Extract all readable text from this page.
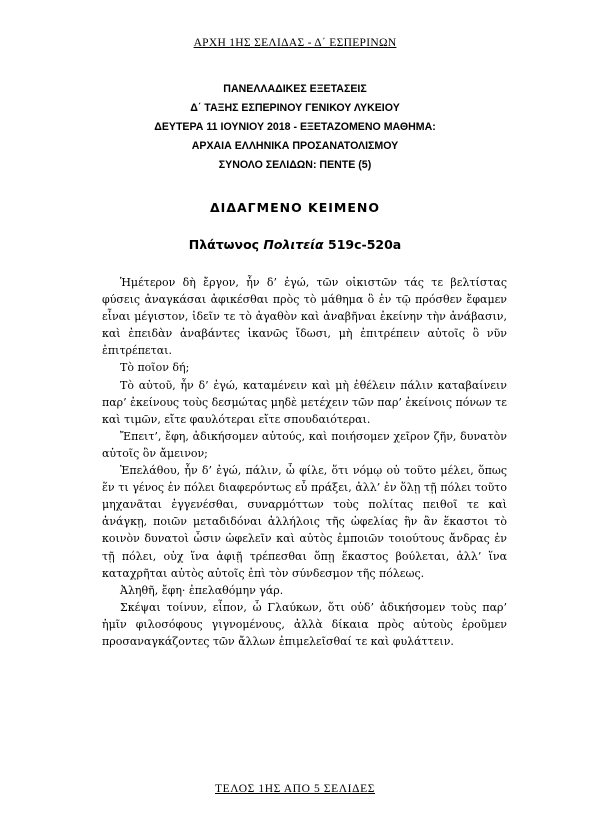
ΑΡΧΗ 1ΗΣ ΣΕΛΙΔΑΣ - Δ΄ ΕΣΠΕΡΙΝΩΝ
ΠΑΝΕΛΛΑΔΙΚΕΣ ΕΞΕΤΑΣΕΙΣ
Δ΄ ΤΑΞΗΣ ΕΣΠΕΡΙΝΟΥ ΓΕΝΙΚΟΥ ΛΥΚΕΙΟΥ
ΔΕΥΤΕΡΑ 11 ΙΟΥΝΙΟΥ 2018 - ΕΞΕΤΑΖΟΜΕΝΟ ΜΑΘΗΜΑ:
ΑΡΧΑΙΑ ΕΛΛΗΝΙΚΑ ΠΡΟΣΑΝΑΤΟΛΙΣΜΟΥ
ΣΥΝΟΛΟ ΣΕΛΙΔΩΝ: ΠΕΝΤΕ (5)
ΔΙΔΑΓΜΕΝΟ ΚΕΙΜΕΝΟ
Πλάτωνος Πολιτεία 519c-520a

Ἡμέτερον δὴ ἔργον, ἦν δ’ ἐγώ, τῶν οἰκιστῶν τάς τε βελτίστας φύσεις ἀναγκάσαι ἀφικέσθαι πρὸς τὸ μάθημα ὃ ἐν τῷ πρόσθεν ἔφαμεν εἶναι μέγιστον, ἰδεῖν τε τὸ ἀγαθὸν καὶ ἀναβῆναι ἐκείνην τὴν ἀνάβασιν, καὶ ἐπειδὰν ἀναβάντες ἱκανῶς ἴδωσι, μὴ ἐπιτρέπειν αὐτοῖς ὃ νῦν ἐπιτρέπεται.

Τὸ ποῖον δή;

Τὸ αὐτοῦ, ἦν δ’ ἐγώ, καταμένειν καὶ μὴ ἐθέλειν πάλιν καταβαίνειν παρ’ ἐκείνους τοὺς δεσμώτας μηδὲ μετέχειν τῶν παρ’ ἐκείνοις πόνων τε καὶ τιμῶν, εἴτε φαυλότεραι εἴτε σπουδαιότεραι.

Ἔπειτ’, ἔφη, ἀδικήσομεν αὐτούς, καὶ ποιήσομεν χεῖρον ζῆν, δυνατὸν αὐτοῖς ὂν ἄμεινον;

Ἐπελάθου, ἦν δ’ ἐγώ, πάλιν, ὦ φίλε, ὅτι νόμῳ οὐ τοῦτο μέλει, ὅπως ἕν τι γένος ἐν πόλει διαφερόντως εὖ πράξει, ἀλλ’ ἐν ὅλῃ τῇ πόλει τοῦτο μηχανᾶται ἐγγενέσθαι, συναρμόττων τοὺς πολίτας πειθοῖ τε καὶ ἀνάγκῃ, ποιῶν μεταδιδόναι ἀλλήλοις τῆς ὠφελίας ἣν ἂν ἕκαστοι τὸ κοινὸν δυνατοὶ ὦσιν ὠφελεῖν καὶ αὐτὸς ἐμποιῶν τοιούτους ἄνδρας ἐν τῇ πόλει, οὐχ ἵνα ἀφιῇ τρέπεσθαι ὅπῃ ἕκαστος βούλεται, ἀλλ’ ἵνα καταχρῆται αὐτὸς αὐτοῖς ἐπὶ τὸν σύνδεσμον τῆς πόλεως.

Ἀληθῆ, ἔφη· ἐπελαθόμην γάρ.

Σκέψαι τοίνυν, εἶπον, ὦ Γλαύκων, ὅτι οὐδ’ ἀδικήσομεν τοὺς παρ’ ἡμῖν φιλοσόφους γιγνομένους, ἀλλὰ δίκαια πρὸς αὐτοὺς ἐροῦμεν προσαναγκάζοντες τῶν ἄλλων ἐπιμελεῖσθαί τε καὶ φυλάττειν.

ΤΕΛΟΣ 1ΗΣ ΑΠΟ 5 ΣΕΛΙΔΕΣ
